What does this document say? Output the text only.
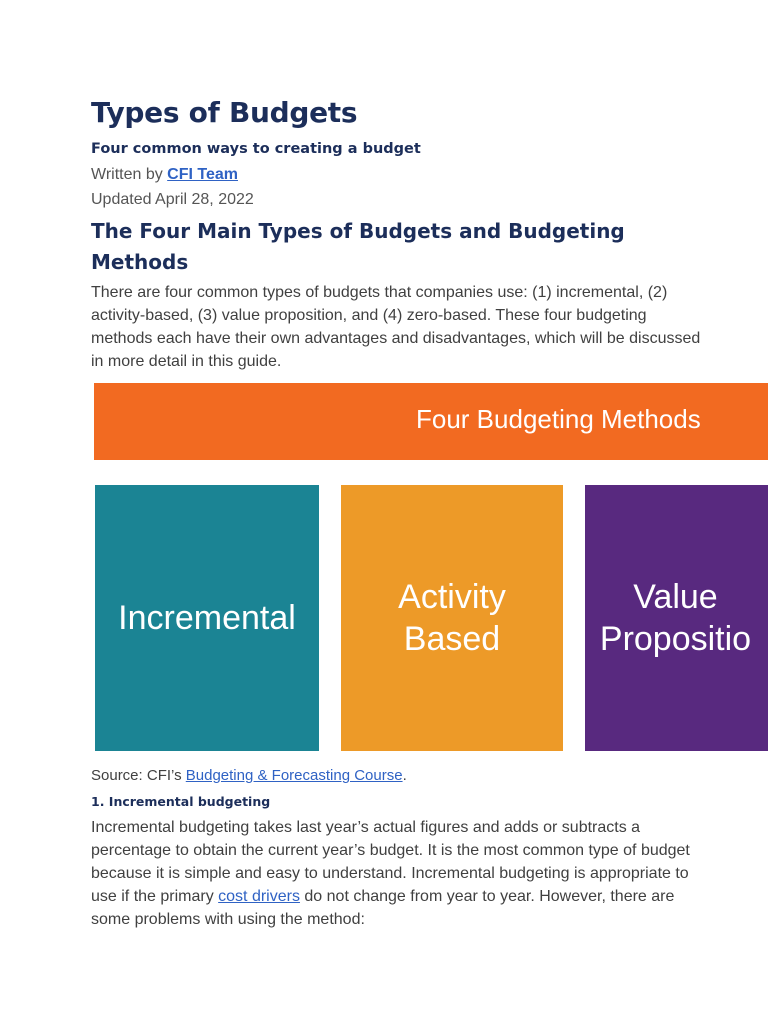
Types of Budgets

Four common ways to creating a budget

Written by CFI Team

Updated April 28, 2022

The Four Main Types of Budgets and Budgeting Methods

There are four common types of budgets that companies use: (1) incremental, (2) activity-based, (3) value proposition, and (4) zero-based. These four budgeting methods each have their own advantages and disadvantages, which will be discussed in more detail in this guide.

Four Budgeting Methods
Incremental
Activity
Based
Value
Propositio

Source: CFI’s Budgeting & Forecasting Course.

1. Incremental budgeting

Incremental budgeting takes last year’s actual figures and adds or subtracts a percentage to obtain the current year’s budget. It is the most common type of budget because it is simple and easy to understand. Incremental budgeting is appropriate to use if the primary cost drivers do not change from year to year. However, there are some problems with using the method:
